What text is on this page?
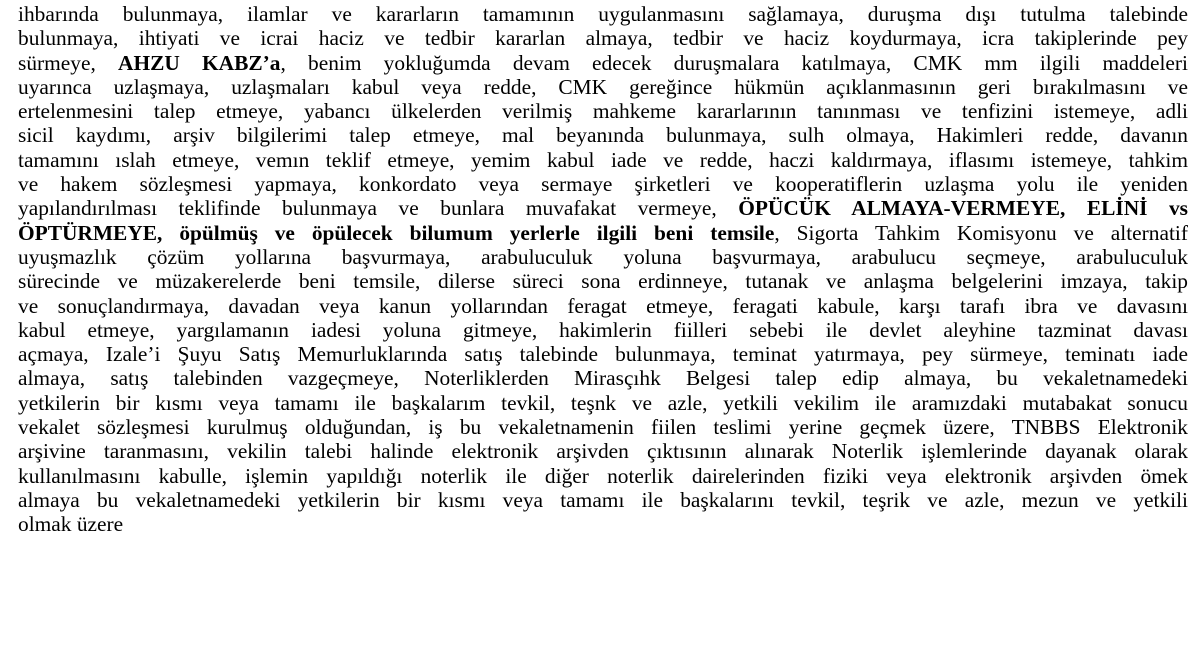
ihbarında bulunmaya, ilamlar ve kararların tamamının uygulanmasını sağlamaya, duruşma dışı tutulma talebinde
bulunmaya, ihtiyati ve icrai haciz ve tedbir kararlan almaya, tedbir ve haciz koydurmaya, icra takiplerinde pey
sürmeye, AHZU KABZ’a, benim yokluğumda devam edecek duruşmalara katılmaya, CMK mm ilgili maddeleri
uyarınca uzlaşmaya, uzlaşmaları kabul veya redde, CMK gereğince hükmün açıklanmasının geri bırakılmasını ve
ertelenmesini talep etmeye, yabancı ülkelerden verilmiş mahkeme kararlarının tanınması ve tenfizini istemeye, adli
sicil kaydımı, arşiv bilgilerimi talep etmeye, mal beyanında bulunmaya, sulh olmaya, Hakimleri redde, davanın
tamamını ıslah etmeye, vemın teklif etmeye, yemim kabul iade ve redde, haczi kaldırmaya, iflasımı istemeye, tahkim
ve hakem sözleşmesi yapmaya, konkordato veya sermaye şirketleri ve kooperatiflerin uzlaşma yolu ile yeniden
yapılandırılması teklifinde bulunmaya ve bunlara muvafakat vermeye, ÖPÜCÜK ALMAYA-VERMEYE, ELİNİ vs
ÖPTÜRMEYE, öpülmüş ve öpülecek bilumum yerlerle ilgili beni temsile, Sigorta Tahkim Komisyonu ve alternatif
uyuşmazlık çözüm yollarına başvurmaya, arabuluculuk yoluna başvurmaya, arabulucu seçmeye, arabuluculuk
sürecinde ve müzakerelerde beni temsile, dilerse süreci sona erdinneye, tutanak ve anlaşma belgelerini imzaya, takip
ve sonuçlandırmaya, davadan veya kanun yollarından feragat etmeye, feragati kabule, karşı tarafı ibra ve davasını
kabul etmeye, yargılamanın iadesi yoluna gitmeye, hakimlerin fiilleri sebebi ile devlet aleyhine tazminat davası
açmaya, Izale’i Şuyu Satış Memurluklarında satış talebinde bulunmaya, teminat yatırmaya, pey sürmeye, teminatı iade
almaya, satış talebinden vazgeçmeye, Noterliklerden Mirasçıhk Belgesi talep edip almaya, bu vekaletnamedeki
yetkilerin bir kısmı veya tamamı ile başkalarım tevkil, teşnk ve azle, yetkili vekilim ile aramızdaki mutabakat sonucu
vekalet sözleşmesi kurulmuş olduğundan, iş bu vekaletnamenin fiilen teslimi yerine geçmek üzere, TNBBS Elektronik
arşivine taranmasını, vekilin talebi halinde elektronik arşivden çıktısının alınarak Noterlik işlemlerinde dayanak olarak
kullanılmasını kabulle, işlemin yapıldığı noterlik ile diğer noterlik dairelerinden fiziki veya elektronik arşivden ömek
almaya bu vekaletnamedeki yetkilerin bir kısmı veya tamamı ile başkalarını tevkil, teşrik ve azle, mezun ve yetkili
olmak üzere
